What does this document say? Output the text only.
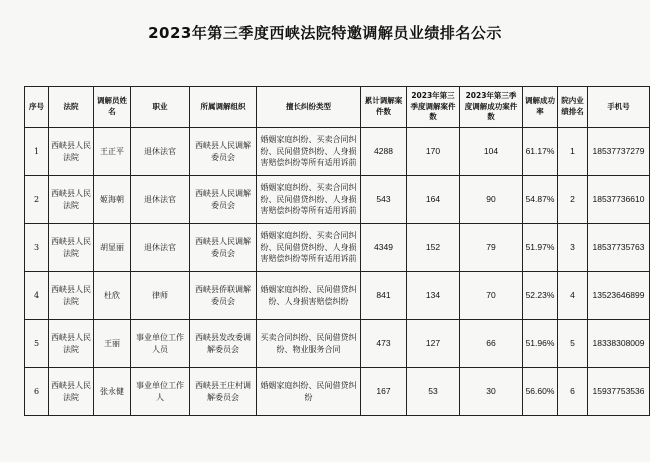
2023年第三季度西峡法院特邀调解员业绩排名公示
序号	法院	调解员姓名	职业	所属调解组织	擅长纠纷类型	累计调解案件数	2023年第三季度调解案件数	2023年第三季度调解成功案件数	调解成功率	院内业绩排名	手机号
1	西峡县人民法院	王正平	退休法官	西峡县人民调解委员会	婚姻家庭纠纷、买卖合同纠纷、民间借贷纠纷、人身损害赔偿纠纷等所有适用诉前	4288	170	104	61.17%	1	18537737279
2	西峡县人民法院	姬海朝	退休法官	西峡县人民调解委员会	婚姻家庭纠纷、买卖合同纠纷、民间借贷纠纷、人身损害赔偿纠纷等所有适用诉前	543	164	90	54.87%	2	18537736610
3	西峡县人民法院	胡显丽	退休法官	西峡县人民调解委员会	婚姻家庭纠纷、买卖合同纠纷、民间借贷纠纷、人身损害赔偿纠纷等所有适用诉前	4349	152	79	51.97%	3	18537735763
4	西峡县人民法院	杜欣	律师	西峡县侨联调解委员会	婚姻家庭纠纷、民间借贷纠纷、人身损害赔偿纠纷	841	134	70	52.23%	4	13523646899
5	西峡县人民法院	王丽	事业单位工作人员	西峡县发改委调解委员会	买卖合同纠纷、民间借贷纠纷、物业服务合同	473	127	66	51.96%	5	18338308009
6	西峡县人民法院	张永健	事业单位工作人	西峡县王庄村调解委员会	婚姻家庭纠纷、民间借贷纠纷	167	53	30	56.60%	6	15937753536
